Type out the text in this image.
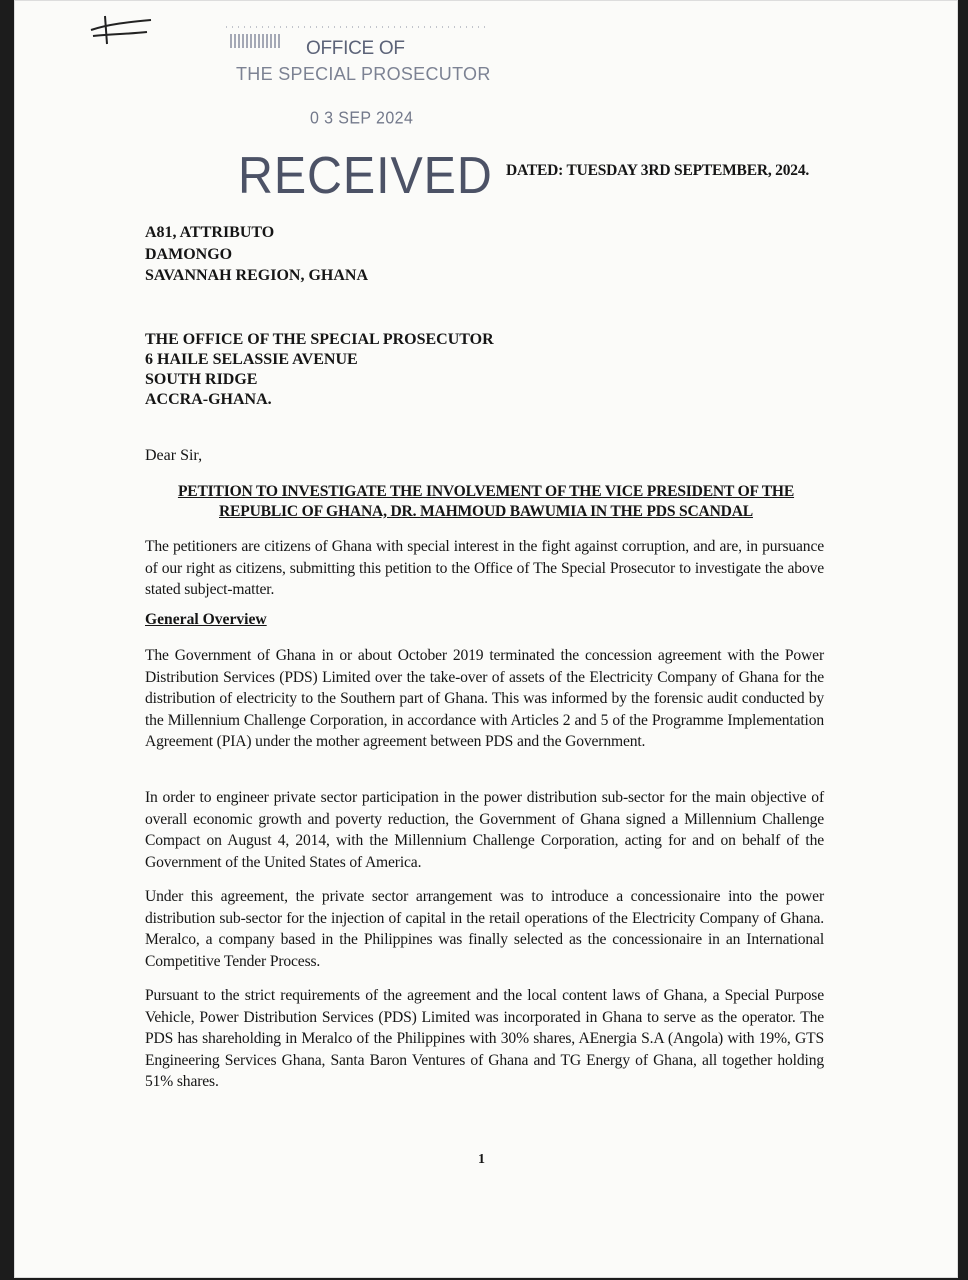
OFFICE OF
THE SPECIAL PROSECUTOR
0 3 SEP 2024
RECEIVED DATED: TUESDAY 3RD SEPTEMBER, 2024.
A81, ATTRIBUTO
DAMONGO
SAVANNAH REGION, GHANA
THE OFFICE OF THE SPECIAL PROSECUTOR
6 HAILE SELASSIE AVENUE
SOUTH RIDGE
ACCRA-GHANA.
Dear Sir,
PETITION TO INVESTIGATE THE INVOLVEMENT OF THE VICE PRESIDENT OF THE REPUBLIC OF GHANA, DR. MAHMOUD BAWUMIA IN THE PDS SCANDAL
The petitioners are citizens of Ghana with special interest in the fight against corruption, and are, in pursuance of our right as citizens, submitting this petition to the Office of The Special Prosecutor to investigate the above stated subject-matter.
General Overview
The Government of Ghana in or about October 2019 terminated the concession agreement with the Power Distribution Services (PDS) Limited over the take-over of assets of the Electricity Company of Ghana for the distribution of electricity to the Southern part of Ghana. This was informed by the forensic audit conducted by the Millennium Challenge Corporation, in accordance with Articles 2 and 5 of the Programme Implementation Agreement (PIA) under the mother agreement between PDS and the Government.
In order to engineer private sector participation in the power distribution sub-sector for the main objective of overall economic growth and poverty reduction, the Government of Ghana signed a Millennium Challenge Compact on August 4, 2014, with the Millennium Challenge Corporation, acting for and on behalf of the Government of the United States of America.
Under this agreement, the private sector arrangement was to introduce a concessionaire into the power distribution sub-sector for the injection of capital in the retail operations of the Electricity Company of Ghana. Meralco, a company based in the Philippines was finally selected as the concessionaire in an International Competitive Tender Process.
Pursuant to the strict requirements of the agreement and the local content laws of Ghana, a Special Purpose Vehicle, Power Distribution Services (PDS) Limited was incorporated in Ghana to serve as the operator. The PDS has shareholding in Meralco of the Philippines with 30% shares, AEnergia S.A (Angola) with 19%, GTS Engineering Services Ghana, Santa Baron Ventures of Ghana and TG Energy of Ghana, all together holding 51% shares.
1
